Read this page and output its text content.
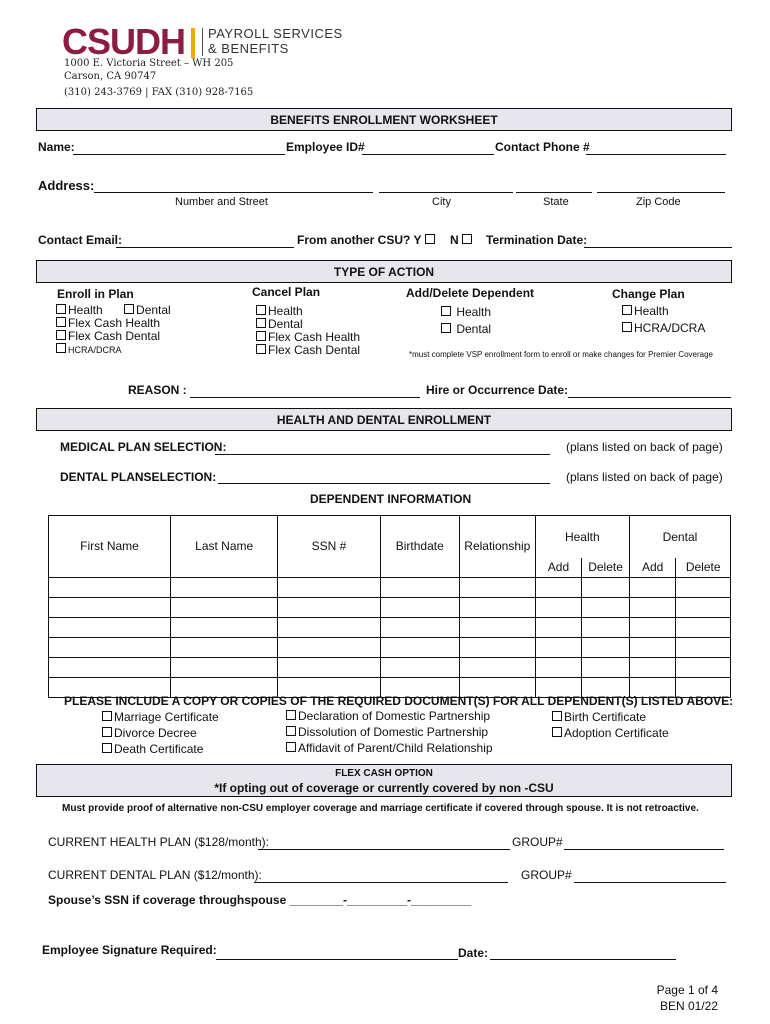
CSUDH PAYROLL SERVICES
& BENEFITS
1000 E. Victoria Street – WH 205
Carson, CA 90747
(310) 243-3769 | FAX (310) 928-7165
BENEFITS ENROLLMENT WORKSHEET
Name:	Employee ID#	Contact Phone #
Address:
Number and Street	City	State	Zip Code
Contact Email:	From another CSU? Y N	Termination Date:
TYPE OF ACTION
Enroll in Plan
Health	Dental
Flex Cash Health
Flex Cash Dental
HCRA/DCRA
Cancel Plan
Health
Dental
Flex Cash Health
Flex Cash Dental
Add/Delete Dependent
Health
Dental
Change Plan
Health
HCRA/DCRA
*must complete VSP enrollment form to enroll or make changes for Premier Coverage
REASON :	Hire or Occurrence Date:
HEALTH AND DENTAL ENROLLMENT
MEDICAL PLAN SELECTION:	(plans listed on back of page)
DENTAL PLANSELECTION:	(plans listed on back of page)
DEPENDENT INFORMATION
First Name	Last Name	SSN #	Birthdate	Relationship	Health		Dental	
					Add	Delete	Add	Delete

PLEASE INCLUDE A COPY OR COPIES OF THE REQUIRED DOCUMENT(S) FOR ALL DEPENDENT(S) LISTED ABOVE:
Marriage Certificate
Divorce Decree
Death Certificate
Declaration of Domestic Partnership
Dissolution of Domestic Partnership
Affidavit of Parent/Child Relationship
Birth Certificate
Adoption Certificate
FLEX CASH OPTION
*If opting out of coverage or currently covered by non -CSU
Must provide proof of alternative non-CSU employer coverage and marriage certificate if covered through spouse. It is not retroactive.
CURRENT HEALTH PLAN ($128/month):	GROUP#
CURRENT DENTAL PLAN ($12/month):	GROUP#
Spouse’s SSN if coverage throughspouse ________-_________-_________
Employee Signature Required:	Date:
Page 1 of 4
BEN 01/22
